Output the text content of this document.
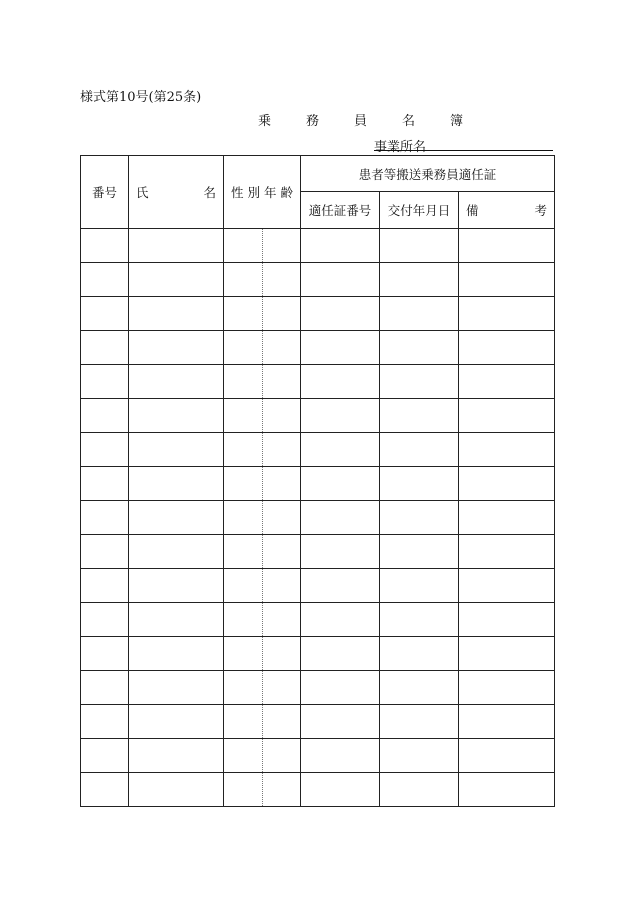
様式第10号(第25条)
乗　務　員　名　簿
事業所名
番号	氏 名	性 別 年 齢		患者等搬送乗務員適任証		
				適任証番号	交付年月日	備 考
